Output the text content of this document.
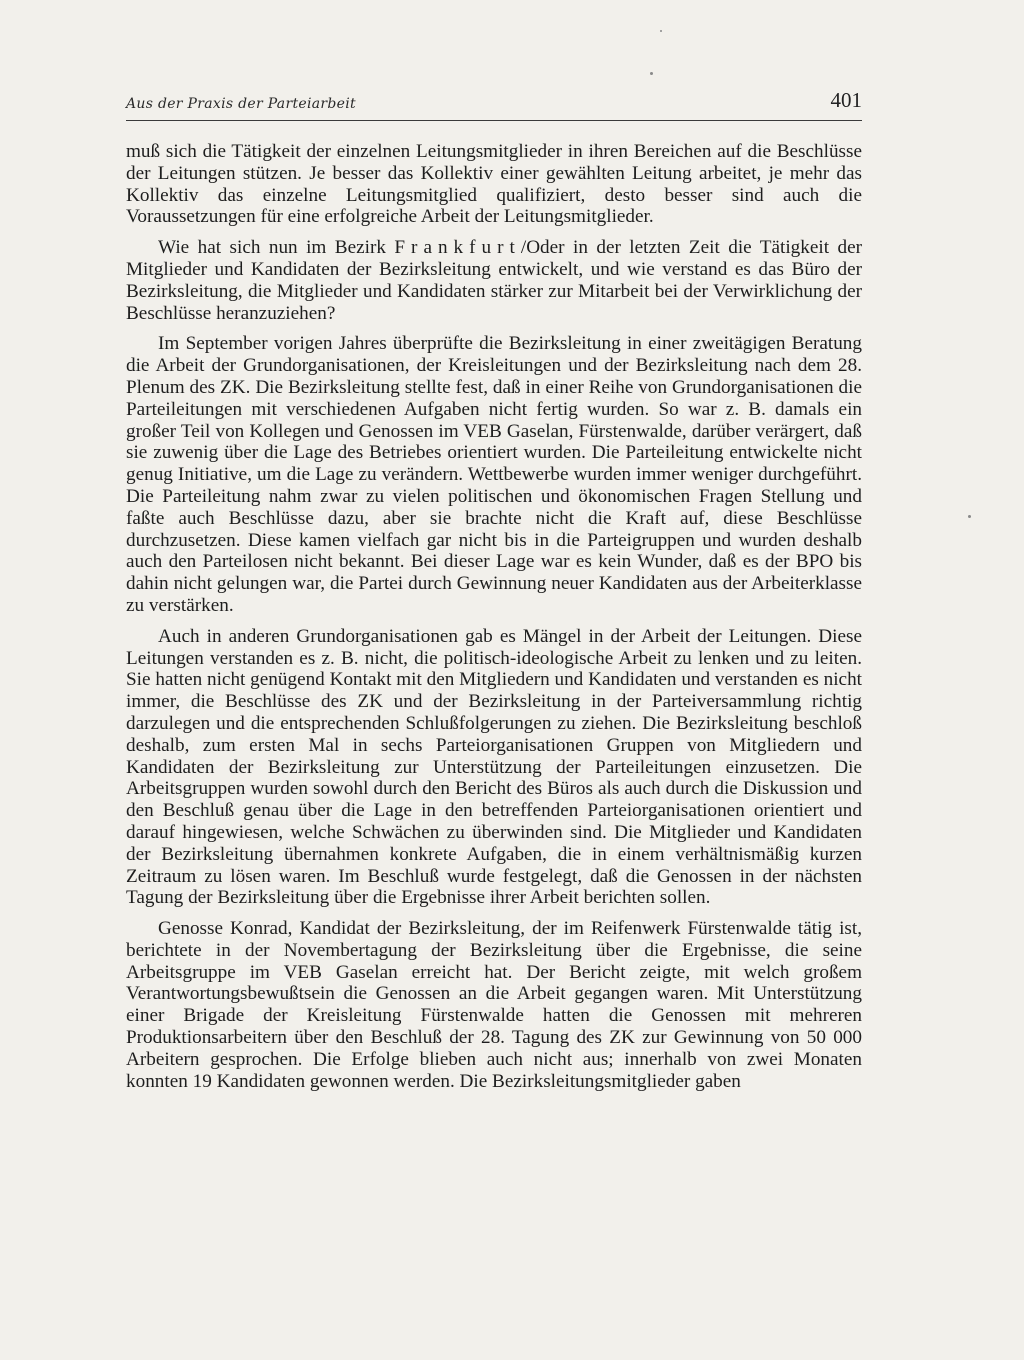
Aus der Praxis der Parteiarbeit	401

muß sich die Tätigkeit der einzelnen Leitungsmitglieder in ihren Bereichen auf die Beschlüsse der Leitungen stützen. Je besser das Kollektiv einer gewählten Leitung arbeitet, je mehr das Kollektiv das einzelne Leitungsmitglied qualifiziert, desto besser sind auch die Voraussetzungen für eine erfolgreiche Arbeit der Leitungsmitglieder.

Wie hat sich nun im Bezirk Frankfurt/Oder in der letzten Zeit die Tätigkeit der Mitglieder und Kandidaten der Bezirksleitung entwickelt, und wie verstand es das Büro der Bezirksleitung, die Mitglieder und Kandidaten stärker zur Mitarbeit bei der Verwirklichung der Beschlüsse heranzuziehen?

Im September vorigen Jahres überprüfte die Bezirksleitung in einer zweitägigen Beratung die Arbeit der Grundorganisationen, der Kreisleitungen und der Bezirksleitung nach dem 28. Plenum des ZK. Die Bezirksleitung stellte fest, daß in einer Reihe von Grundorganisationen die Parteileitungen mit verschiedenen Aufgaben nicht fertig wurden. So war z. B. damals ein großer Teil von Kollegen und Genossen im VEB Gaselan, Fürstenwalde, darüber verärgert, daß sie zuwenig über die Lage des Betriebes orientiert wurden. Die Parteileitung entwickelte nicht genug Initiative, um die Lage zu verändern. Wettbewerbe wurden immer weniger durchgeführt. Die Parteileitung nahm zwar zu vielen politischen und ökonomischen Fragen Stellung und faßte auch Beschlüsse dazu, aber sie brachte nicht die Kraft auf, diese Beschlüsse durchzusetzen. Diese kamen vielfach gar nicht bis in die Parteigruppen und wurden deshalb auch den Parteilosen nicht bekannt. Bei dieser Lage war es kein Wunder, daß es der BPO bis dahin nicht gelungen war, die Partei durch Gewinnung neuer Kandidaten aus der Arbeiterklasse zu verstärken.

Auch in anderen Grundorganisationen gab es Mängel in der Arbeit der Leitungen. Diese Leitungen verstanden es z. B. nicht, die politisch-ideologische Arbeit zu lenken und zu leiten. Sie hatten nicht genügend Kontakt mit den Mitgliedern und Kandidaten und verstanden es nicht immer, die Beschlüsse des ZK und der Bezirksleitung in der Parteiversammlung richtig darzulegen und die entsprechenden Schlußfolgerungen zu ziehen. Die Bezirksleitung beschloß deshalb, zum ersten Mal in sechs Parteiorganisationen Gruppen von Mitgliedern und Kandidaten der Bezirksleitung zur Unterstützung der Parteileitungen einzusetzen. Die Arbeitsgruppen wurden sowohl durch den Bericht des Büros als auch durch die Diskussion und den Beschluß genau über die Lage in den betreffenden Parteiorganisationen orientiert und darauf hingewiesen, welche Schwächen zu überwinden sind. Die Mitglieder und Kandidaten der Bezirksleitung übernahmen konkrete Aufgaben, die in einem verhältnismäßig kurzen Zeitraum zu lösen waren. Im Beschluß wurde festgelegt, daß die Genossen in der nächsten Tagung der Bezirksleitung über die Ergebnisse ihrer Arbeit berichten sollen.

Genosse Konrad, Kandidat der Bezirksleitung, der im Reifenwerk Fürstenwalde tätig ist, berichtete in der Novembertagung der Bezirksleitung über die Ergebnisse, die seine Arbeitsgruppe im VEB Gaselan erreicht hat. Der Bericht zeigte, mit welch großem Verantwortungsbewußtsein die Genossen an die Arbeit gegangen waren. Mit Unterstützung einer Brigade der Kreisleitung Fürstenwalde hatten die Genossen mit mehreren Produktionsarbeitern über den Beschluß der 28. Tagung des ZK zur Gewinnung von 50 000 Arbeitern gesprochen. Die Erfolge blieben auch nicht aus; innerhalb von zwei Monaten konnten 19 Kandidaten gewonnen werden. Die Bezirksleitungsmitglieder gaben
